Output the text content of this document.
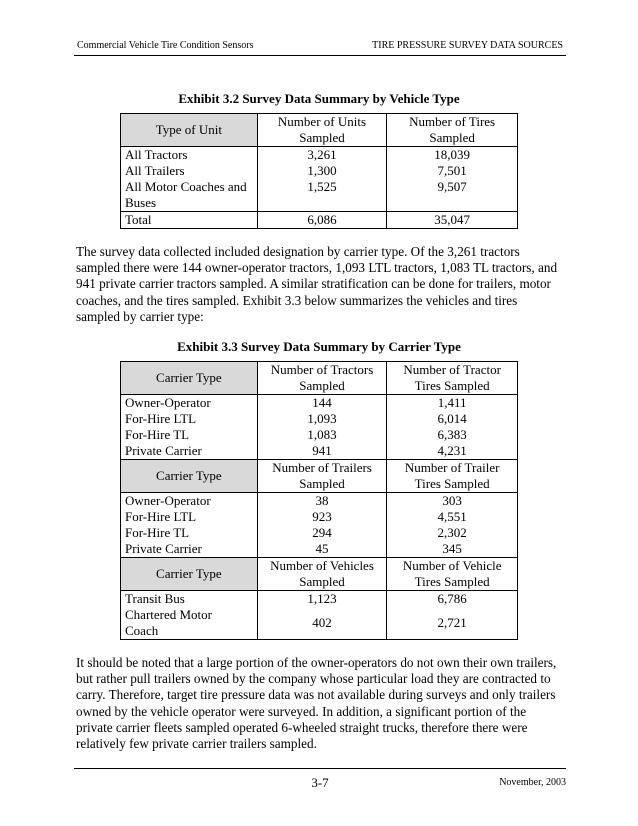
Commercial Vehicle Tire Condition Sensors	TIRE PRESSURE SURVEY DATA SOURCES
Exhibit 3.2 Survey Data Summary by Vehicle Type
Type of Unit	Number of Units Sampled	Number of Tires Sampled
All Tractors	3,261	18,039
All Trailers	1,300	7,501
All Motor Coaches and Buses	1,525	9,507
Total	6,086	35,047

The survey data collected included designation by carrier type. Of the 3,261 tractors sampled there were 144 owner-operator tractors, 1,093 LTL tractors, 1,083 TL tractors, and 941 private carrier tractors sampled. A similar stratification can be done for trailers, motor coaches, and the tires sampled. Exhibit 3.3 below summarizes the vehicles and tires sampled by carrier type:

Exhibit 3.3 Survey Data Summary by Carrier Type
Carrier Type	Number of Tractors Sampled	Number of Tractor Tires Sampled
Owner-Operator	144	1,411
For-Hire LTL	1,093	6,014
For-Hire TL	1,083	6,383
Private Carrier	941	4,231
Carrier Type	Number of Trailers Sampled	Number of Trailer Tires Sampled
Owner-Operator	38	303
For-Hire LTL	923	4,551
For-Hire TL	294	2,302
Private Carrier	45	345
Carrier Type	Number of Vehicles Sampled	Number of Vehicle Tires Sampled
Transit Bus	1,123	6,786
Chartered Motor Coach	402	2,721

It should be noted that a large portion of the owner-operators do not own their own trailers, but rather pull trailers owned by the company whose particular load they are contracted to carry. Therefore, target tire pressure data was not available during surveys and only trailers owned by the vehicle operator were surveyed. In addition, a significant portion of the private carrier fleets sampled operated 6-wheeled straight trucks, therefore there were relatively few private carrier trailers sampled.

3-7	November, 2003
